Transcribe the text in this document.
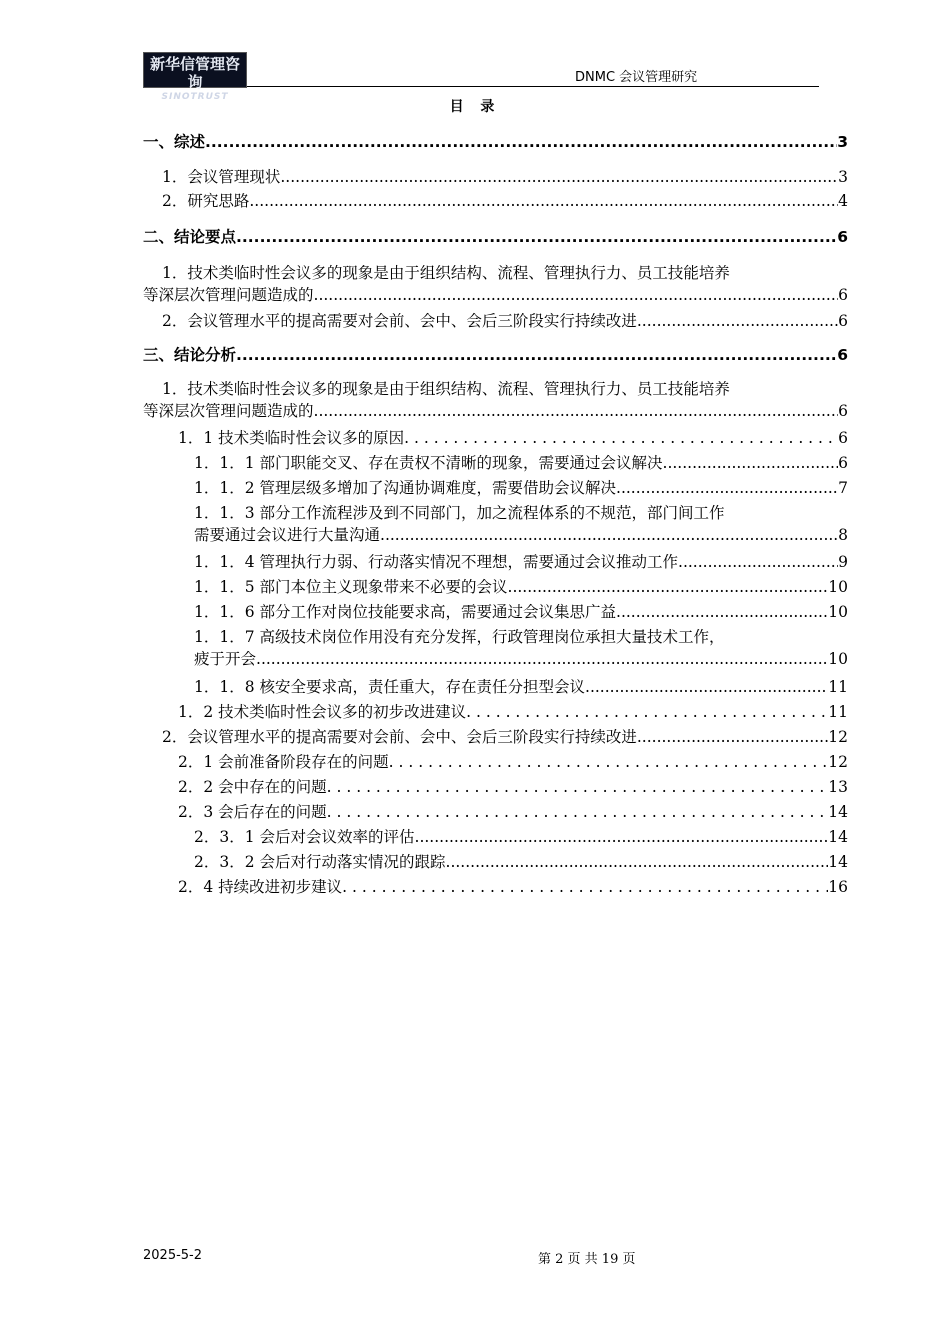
新华信管理咨询
SINOTRUST
DNMC 会议管理研究
目 录
一、综述 .....	3
1．会议管理现状 .....	3
2．研究思路 .....	4
二、结论要点 .....	6
1．技术类临时性会议多的现象是由于组织结构、流程、管理执行力、员工技能培养
等深层次管理问题造成的 .....	6
2．会议管理水平的提高需要对会前、会中、会后三阶段实行持续改进 .....	6
三、结论分析 .....	6
1．技术类临时性会议多的现象是由于组织结构、流程、管理执行力、员工技能培养
等深层次管理问题造成的 .....	6
1．1 技术类临时性会议多的原因 . . .	6
1．1．1 部门职能交叉、存在责权不清晰的现象，需要通过会议解决 .....	6
1．1．2 管理层级多增加了沟通协调难度，需要借助会议解决 .....	7
1．1．3 部分工作流程涉及到不同部门，加之流程体系的不规范，部门间工作
需要通过会议进行大量沟通 .....	8
1．1．4 管理执行力弱、行动落实情况不理想，需要通过会议推动工作 .....	9
1．1．5 部门本位主义现象带来不必要的会议 .....	10
1．1．6 部分工作对岗位技能要求高，需要通过会议集思广益 .....	10
1．1．7 高级技术岗位作用没有充分发挥，行政管理岗位承担大量技术工作，
疲于开会 .....	10
1．1．8 核安全要求高，责任重大，存在责任分担型会议 .....	11
1．2 技术类临时性会议多的初步改进建议 . . .	11
2．会议管理水平的提高需要对会前、会中、会后三阶段实行持续改进 .....	12
2．1 会前准备阶段存在的问题 . . .	12
2．2 会中存在的问题 . . .	13
2．3 会后存在的问题 . . .	14
2．3．1 会后对会议效率的评估 .....	14
2．3．2 会后对行动落实情况的跟踪 .....	14
2．4 持续改进初步建议 . . .	16
2025-5-2	第 2 页 共 19 页
